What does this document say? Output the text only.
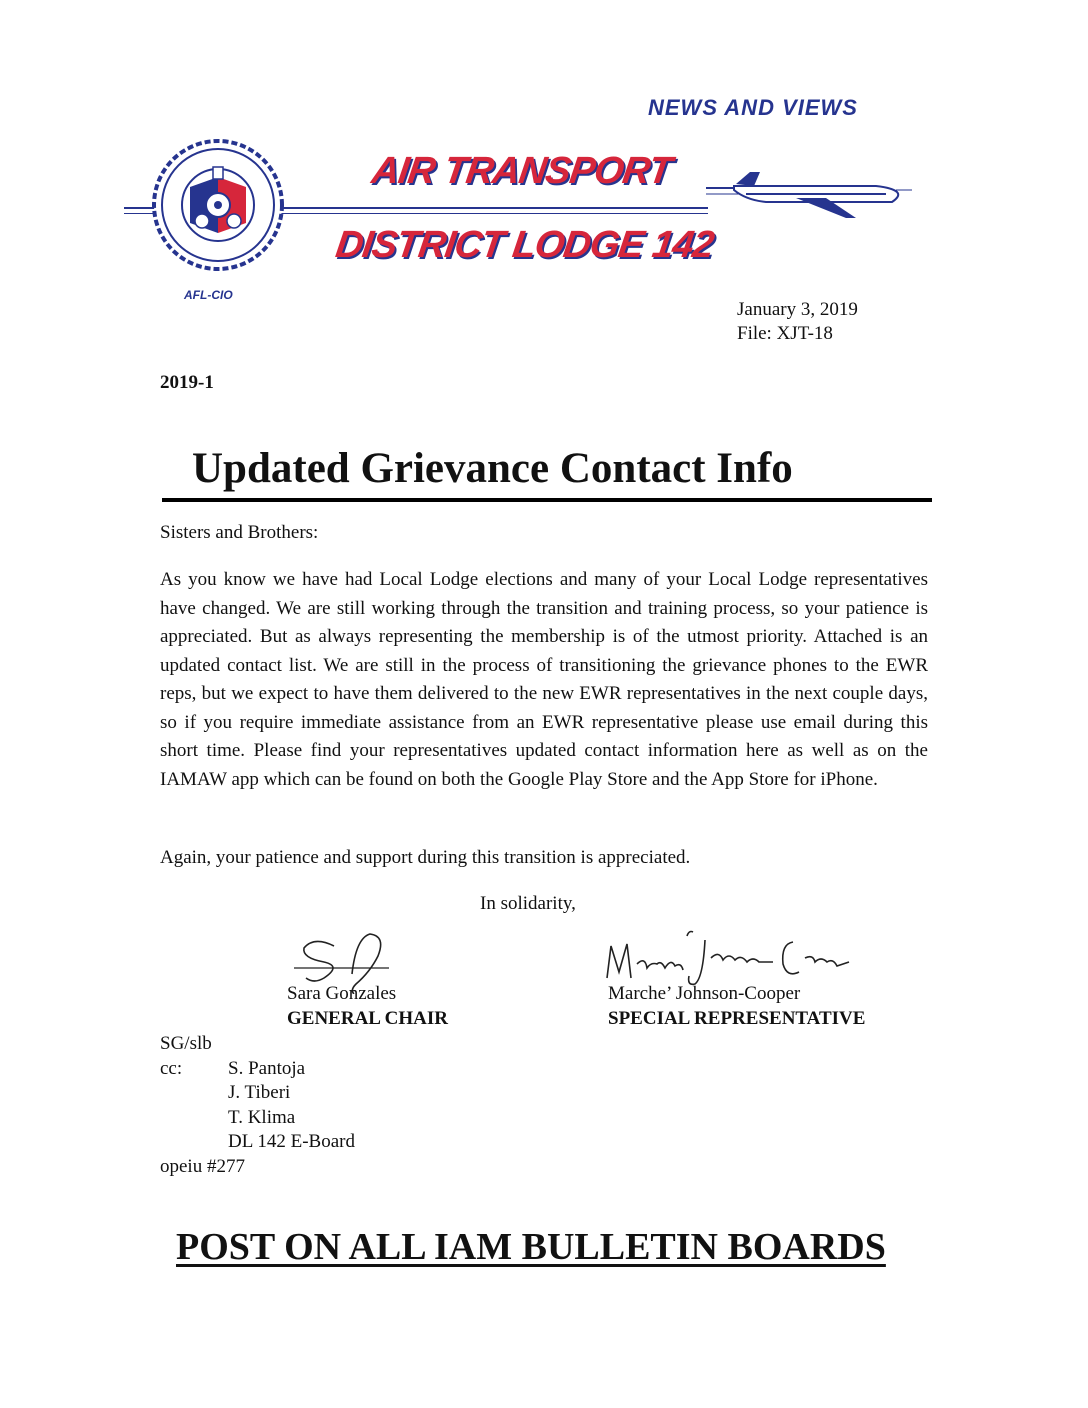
NEWS AND VIEWS
AFL-CIO
AIR TRANSPORT
DISTRICT LODGE 142
January 3, 2019
File: XJT-18
2019-1
Updated Grievance Contact Info
Sisters and Brothers:
As you know we have had Local Lodge elections and many of your Local Lodge representatives have changed. We are still working through the transition and training process, so your patience is appreciated. But as always representing the membership is of the utmost priority. Attached is an updated contact list. We are still in the process of transitioning the grievance phones to the EWR reps, but we expect to have them delivered to the new EWR representatives in the next couple days, so if you require immediate assistance from an EWR representative please use email during this short time. Please find your representatives updated contact information here as well as on the IAMAW app which can be found on both the Google Play Store and the App Store for iPhone.
Again, your patience and support during this transition is appreciated.
In solidarity,
Sara Gonzales	Marche’ Johnson-Cooper
GENERAL CHAIR	SPECIAL REPRESENTATIVE
SG/slb
cc: S. Pantoja
J. Tiberi
T. Klima
DL 142 E-Board
opeiu #277
POST ON ALL IAM BULLETIN BOARDS
